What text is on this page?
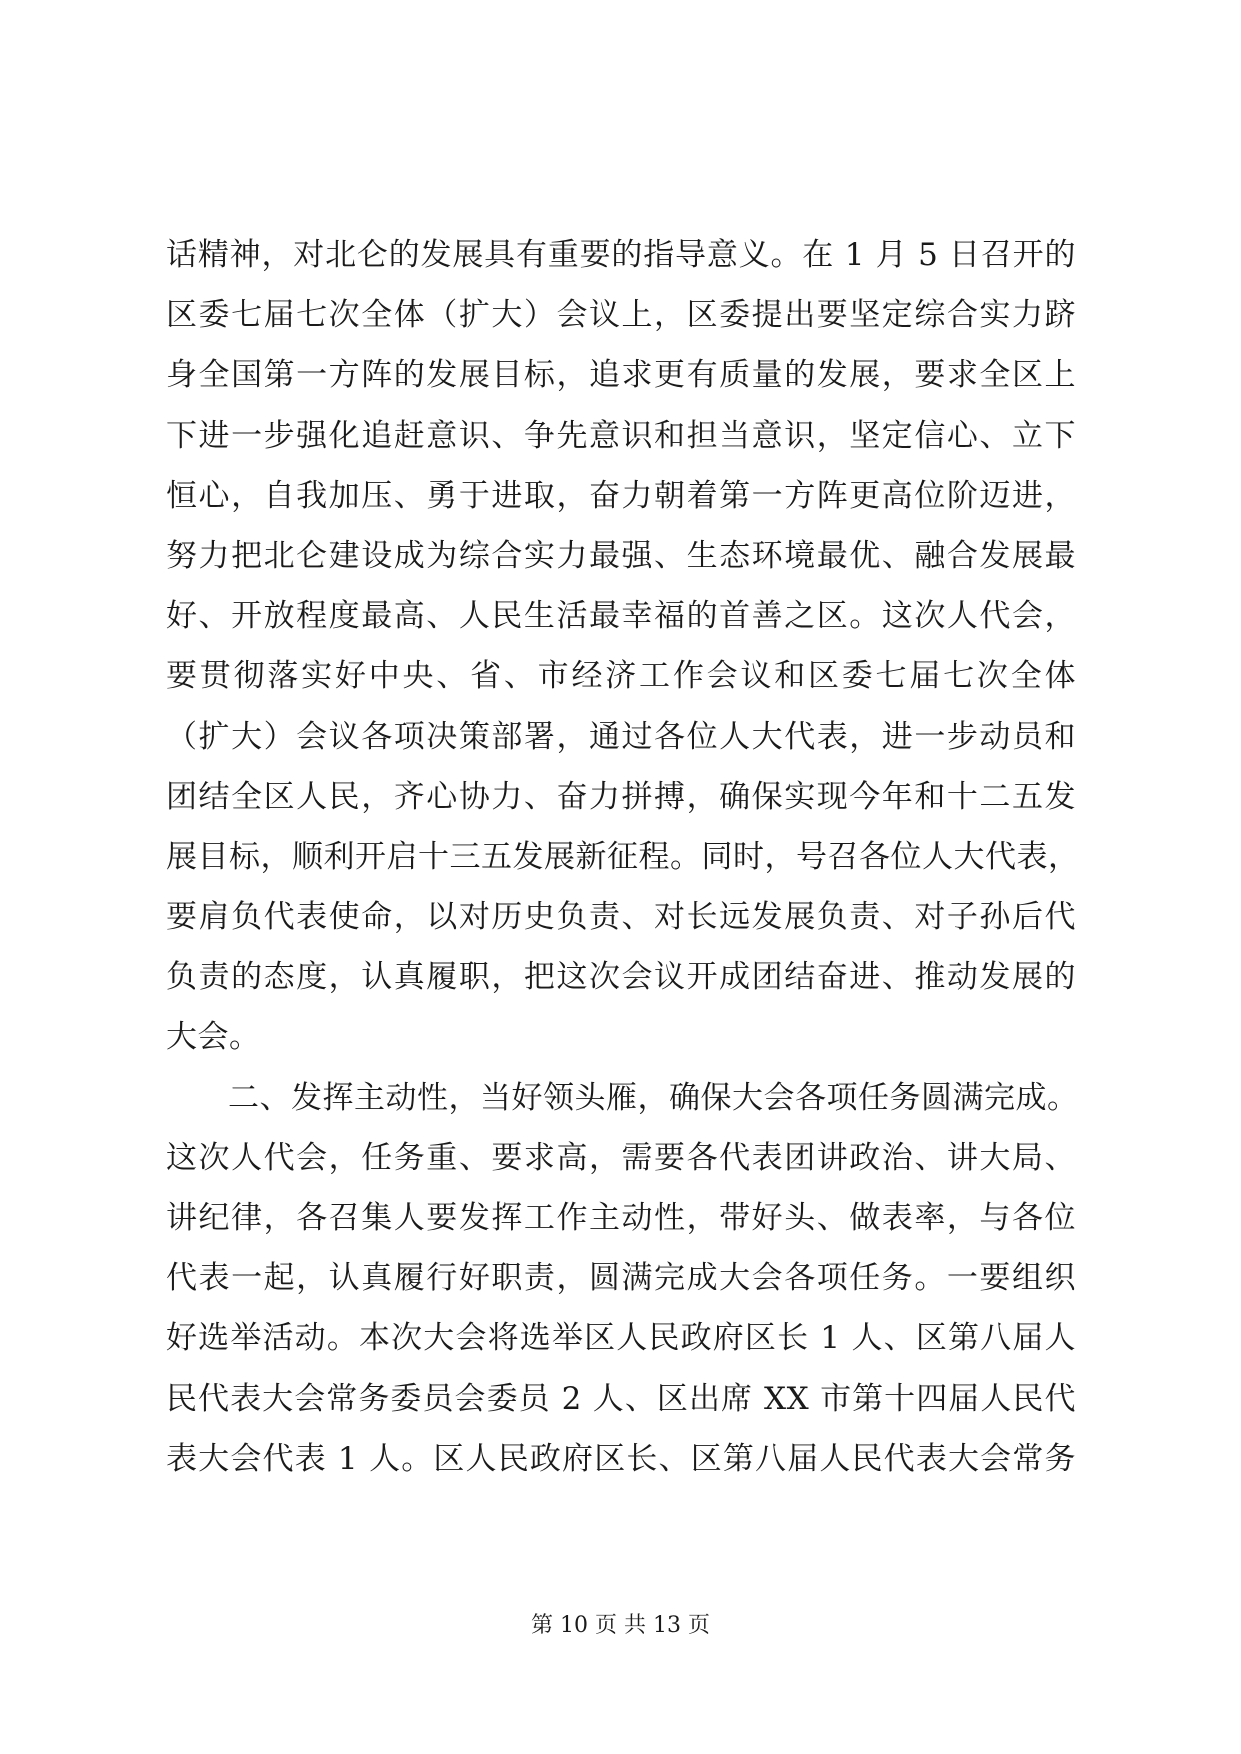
话精神，对北仑的发展具有重要的指导意义。在 1 月 5 日召开的
区委七届七次全体（扩大）会议上，区委提出要坚定综合实力跻
身全国第一方阵的发展目标，追求更有质量的发展，要求全区上
下进一步强化追赶意识、争先意识和担当意识，坚定信心、立下
恒心，自我加压、勇于进取，奋力朝着第一方阵更高位阶迈进，
努力把北仑建设成为综合实力最强、生态环境最优、融合发展最
好、开放程度最高、人民生活最幸福的首善之区。这次人代会，
要贯彻落实好中央、省、市经济工作会议和区委七届七次全体
（扩大）会议各项决策部署，通过各位人大代表，进一步动员和
团结全区人民，齐心协力、奋力拼搏，确保实现今年和十二五发
展目标，顺利开启十三五发展新征程。同时，号召各位人大代表，
要肩负代表使命，以对历史负责、对长远发展负责、对子孙后代
负责的态度，认真履职，把这次会议开成团结奋进、推动发展的
大会。
二、发挥主动性，当好领头雁，确保大会各项任务圆满完成。
这次人代会，任务重、要求高，需要各代表团讲政治、讲大局、
讲纪律，各召集人要发挥工作主动性，带好头、做表率，与各位
代表一起，认真履行好职责，圆满完成大会各项任务。一要组织
好选举活动。本次大会将选举区人民政府区长 1 人、区第八届人
民代表大会常务委员会委员 2 人、区出席 XX 市第十四届人民代
表大会代表 1 人。区人民政府区长、区第八届人民代表大会常务
第 10 页 共 13 页
